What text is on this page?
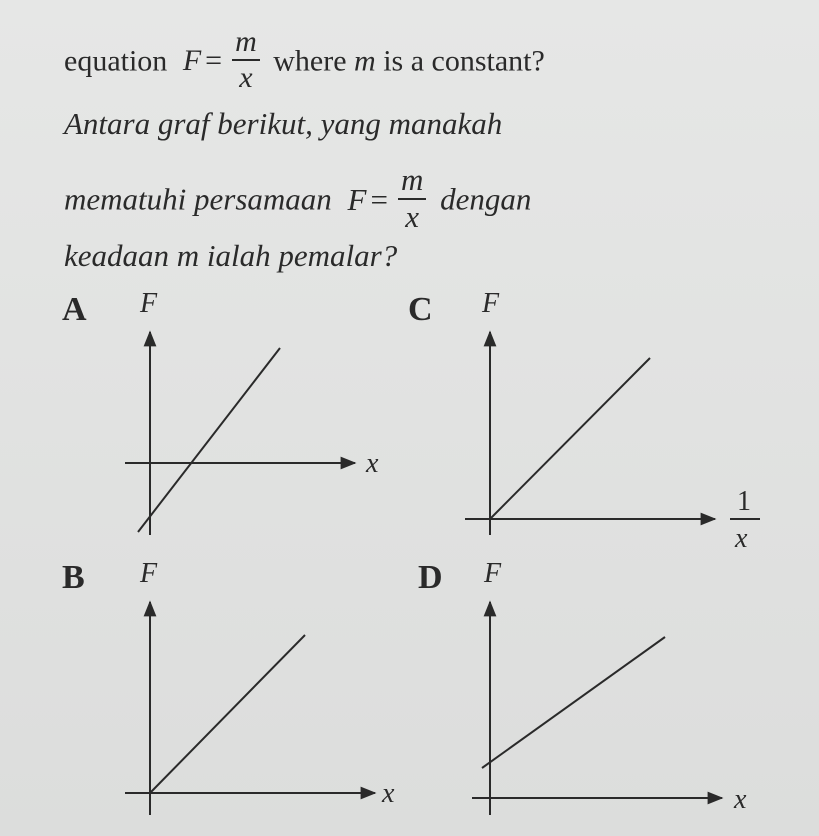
equation $F = \frac{m}{x}$ where m is a constant?
Antara graf berikut, yang manakah
mematuhi persamaan $F = \frac{m}{x}$ dengan
keadaan m ialah pemalar?
A F
x
C F
1
x
B F
x
D F
x
